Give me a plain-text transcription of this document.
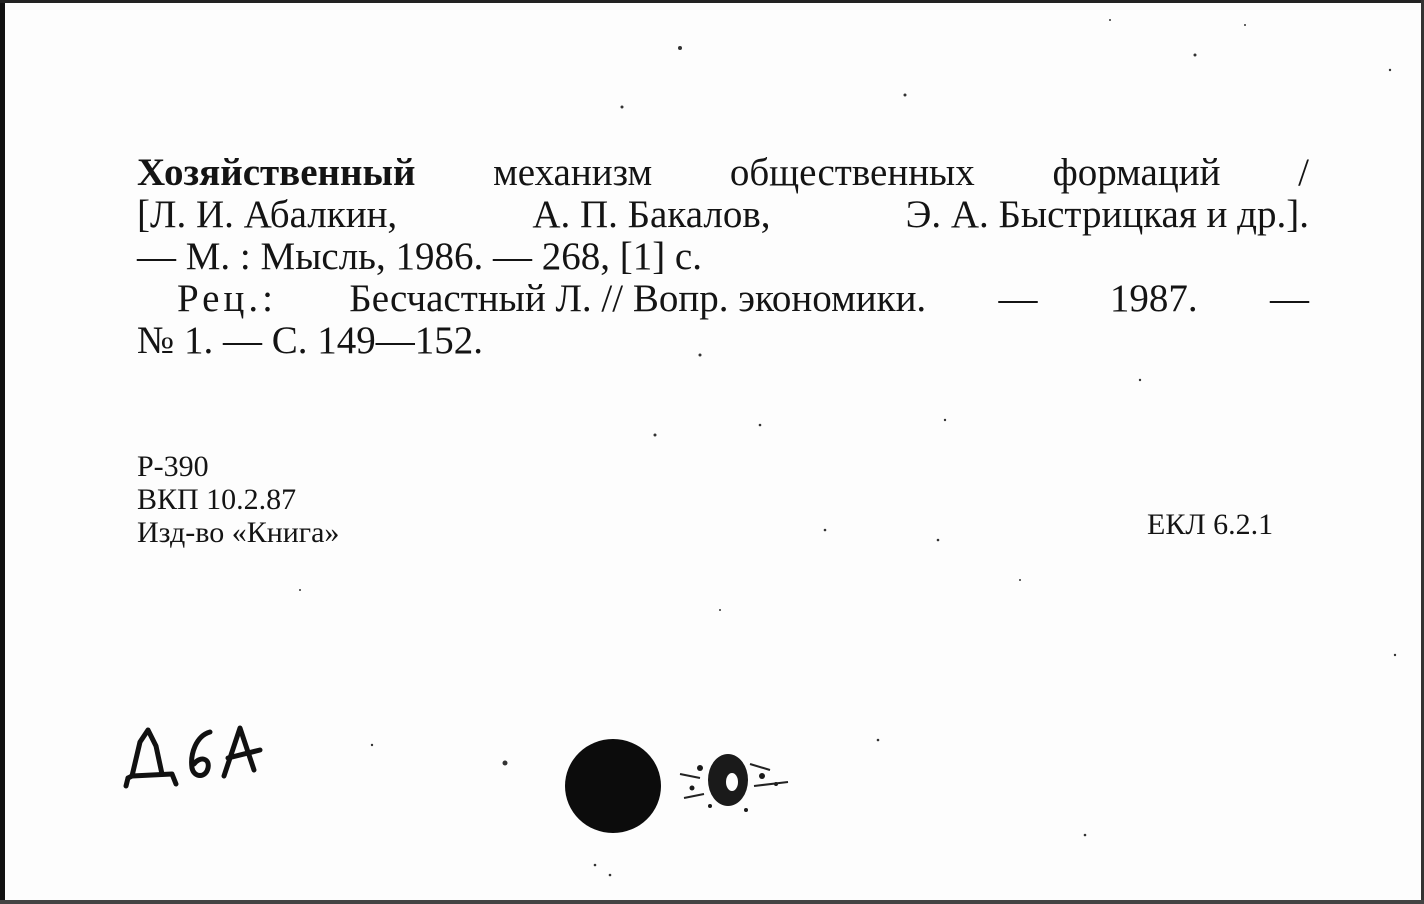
Хозяйственный механизм общественных формаций /
[Л. И. Абалкин,	А. П. Бакалов,	Э. А. Быстрицкая и др.].
— М. : Мысль, 1986. — 268, [1] с.
Рец.: Бесчастный Л. // Вопр. экономики. — 1987. —
№ 1. — С. 149—152.
Р-390
ВКП 10.2.87
Изд-во «Книга»	ЕКЛ 6.2.1
